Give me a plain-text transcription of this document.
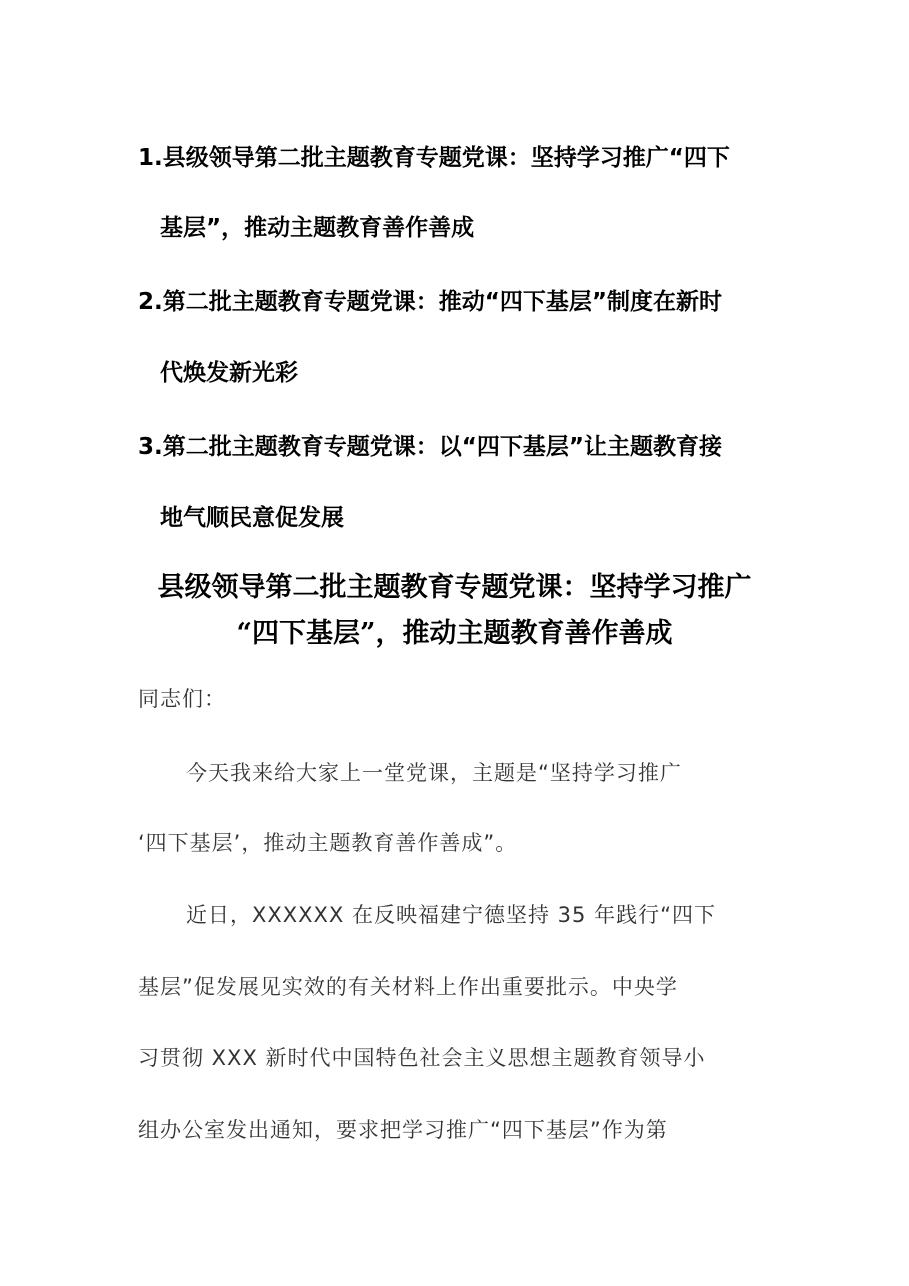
1.县级领导第二批主题教育专题党课：坚持学习推广“四下
基层”，推动主题教育善作善成
2.第二批主题教育专题党课：推动“四下基层”制度在新时
代焕发新光彩
3.第二批主题教育专题党课：以“四下基层”让主题教育接
地气顺民意促发展
县级领导第二批主题教育专题党课：坚持学习推广
“四下基层”，推动主题教育善作善成
同志们：
今天我来给大家上一堂党课，主题是“坚持学习推广
‘四下基层’，推动主题教育善作善成”。
近日，XXXXXX 在反映福建宁德坚持 35 年践行“四下
基层”促发展见实效的有关材料上作出重要批示。中央学
习贯彻 XXX 新时代中国特色社会主义思想主题教育领导小
组办公室发出通知，要求把学习推广“四下基层”作为第
